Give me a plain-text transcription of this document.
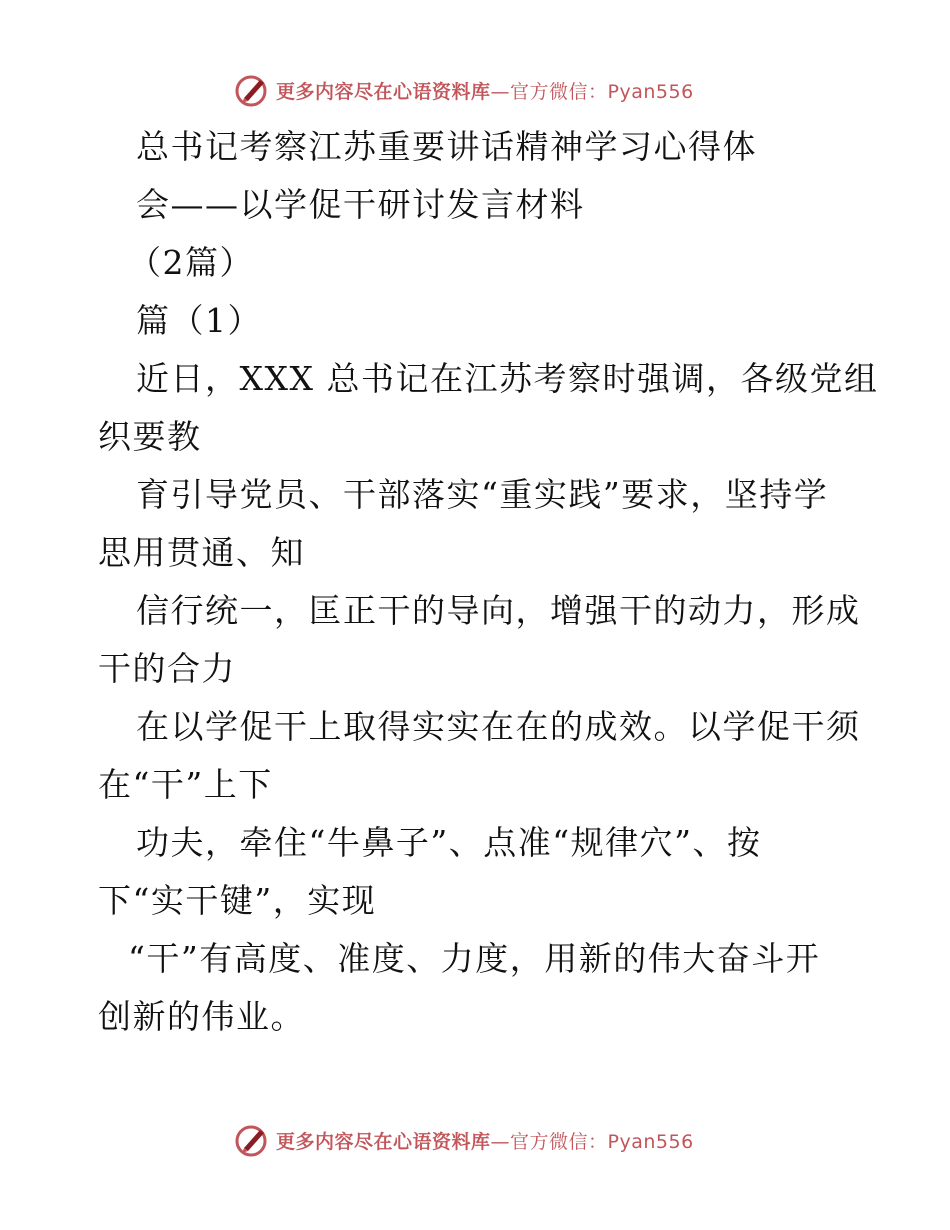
更多内容尽在心语资料库—官方微信：Pyan556
总书记考察江苏重要讲话精神学习心得体
会——以学促干研讨发言材料
（2篇）
篇（1）
近日，XXX 总书记在江苏考察时强调，各级党组
织要教
育引导党员、干部落实“重实践”要求，坚持学
思用贯通、知
信行统一，匡正干的导向，增强干的动力，形成
干的合力
在以学促干上取得实实在在的成效。以学促干须
在“干”上下
功夫，牵住“牛鼻子”、点准“规律穴”、按
下“实干键”，实现
“干”有高度、准度、力度，用新的伟大奋斗开
创新的伟业。
更多内容尽在心语资料库—官方微信：Pyan556
